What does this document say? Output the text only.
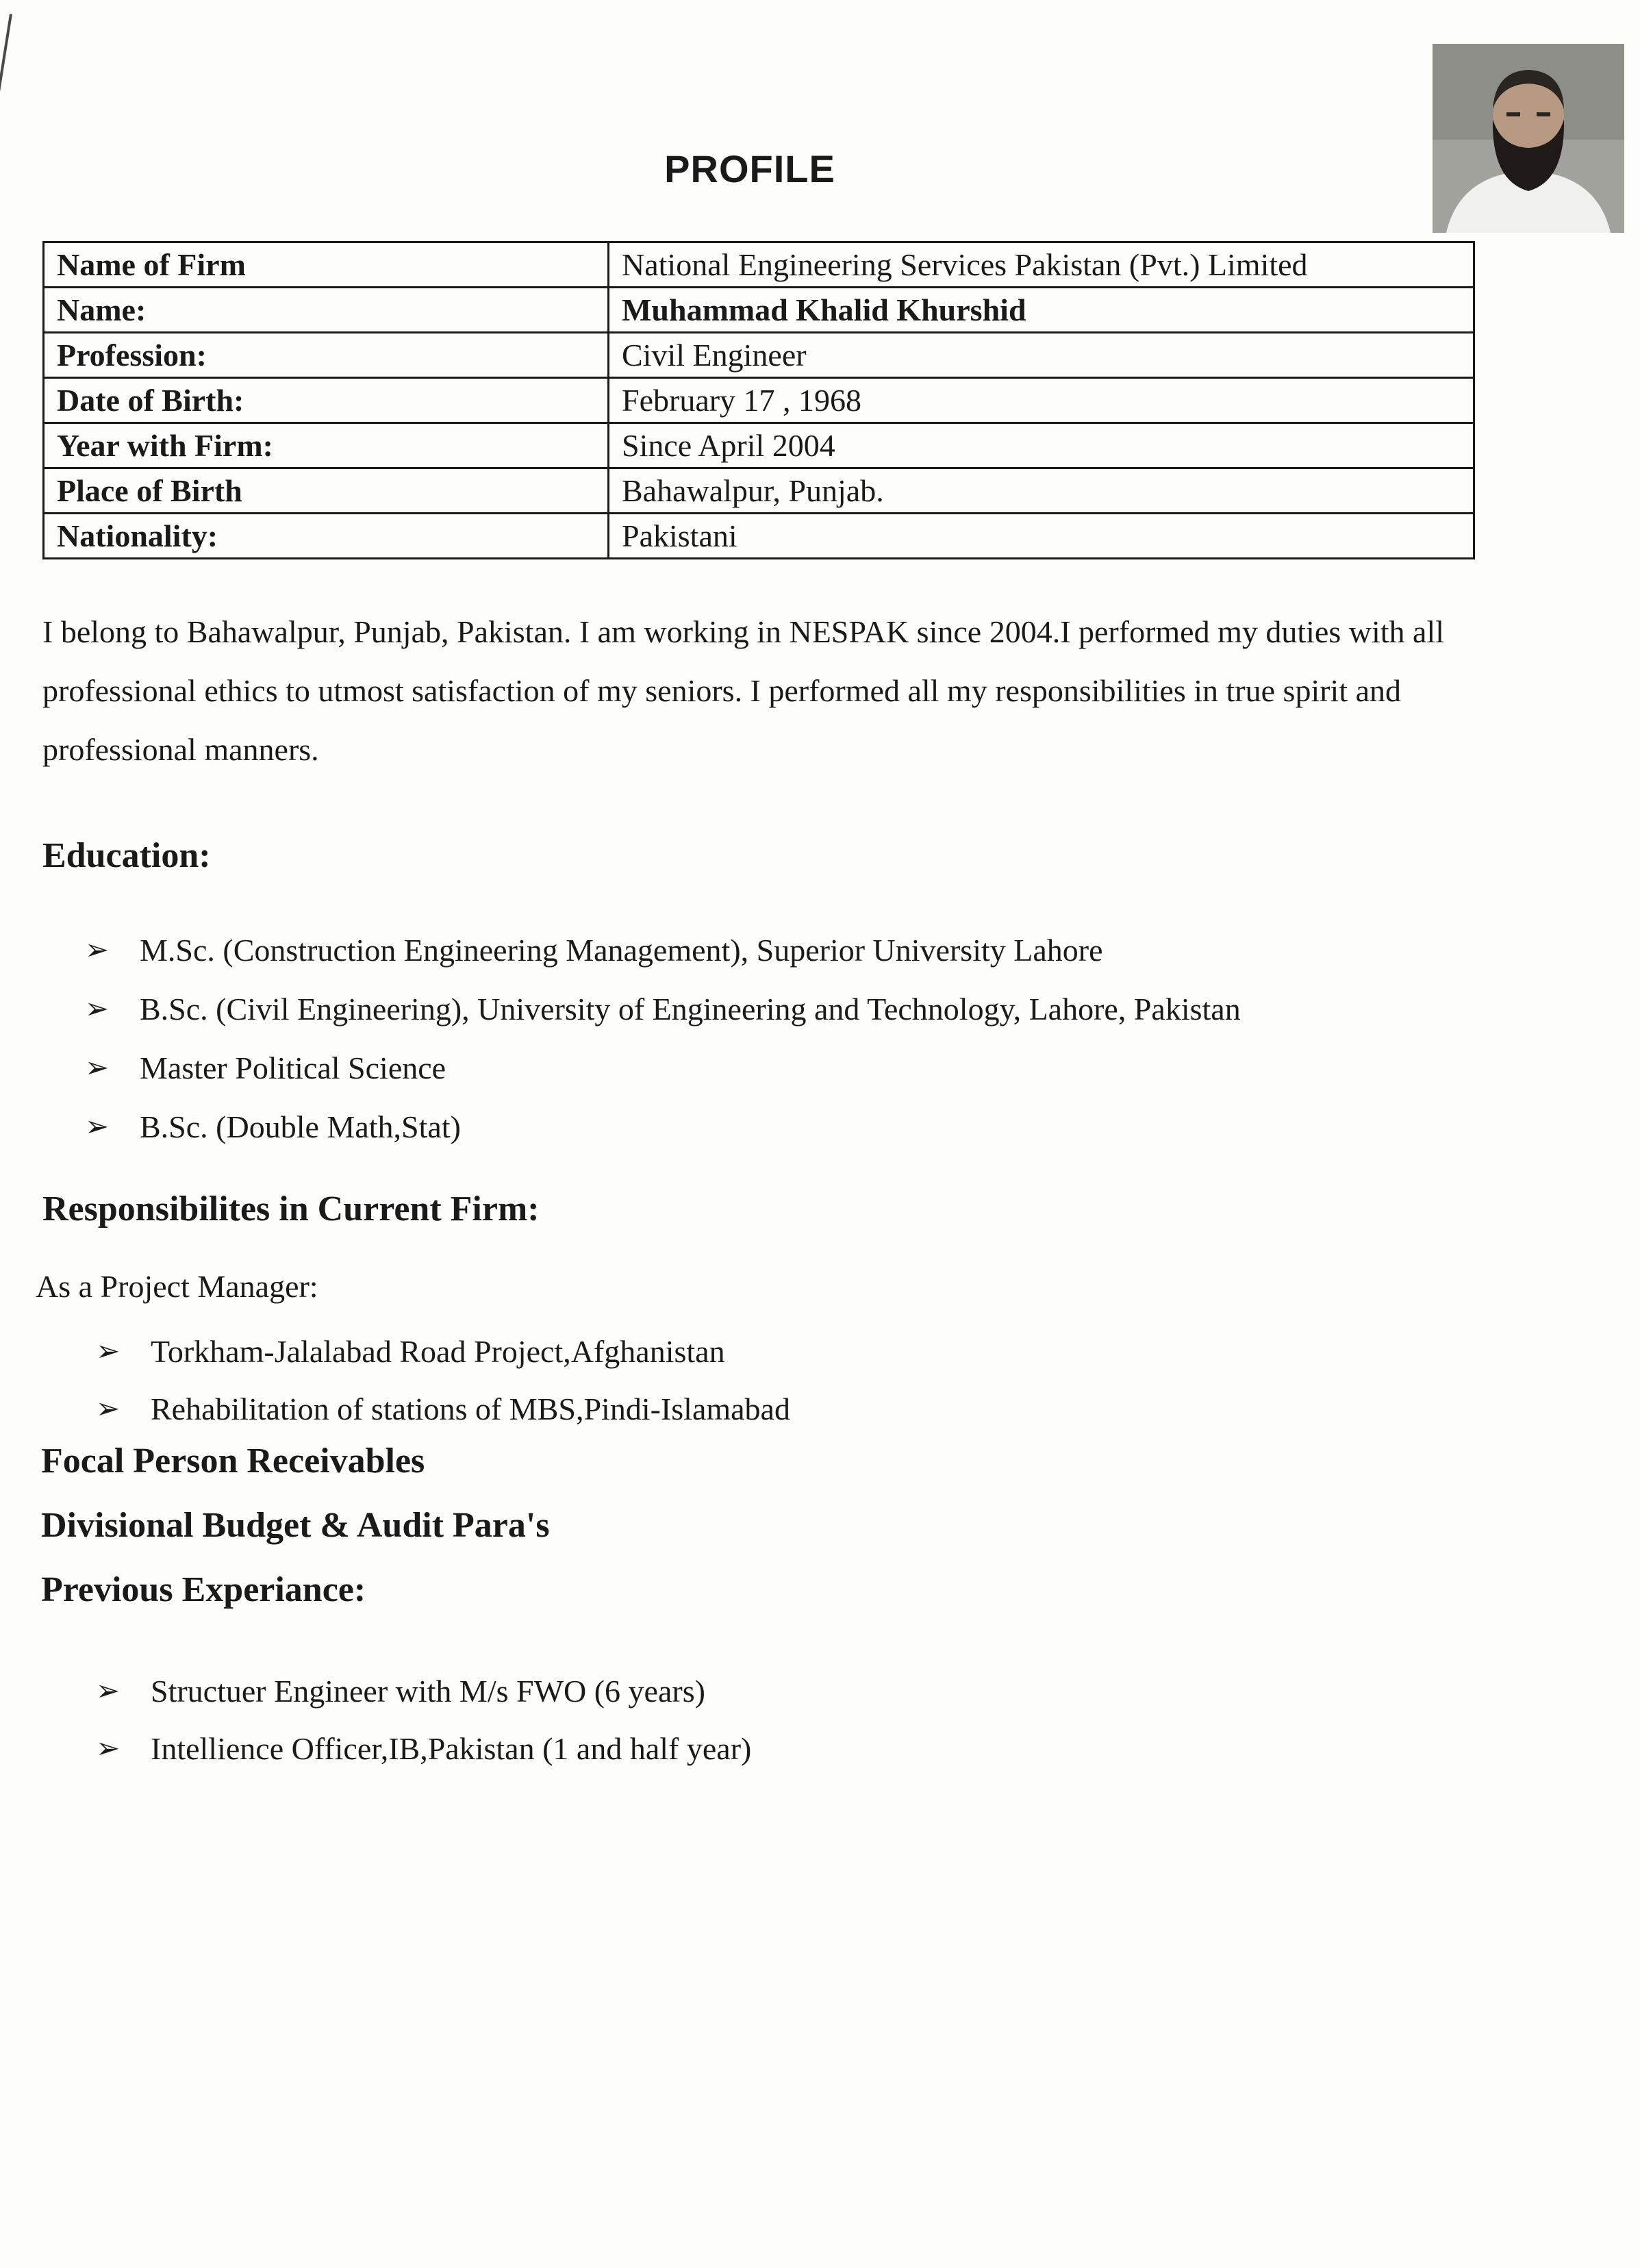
PROFILE
Name of Firm	National Engineering Services Pakistan (Pvt.) Limited
Name:	Muhammad Khalid Khurshid
Profession:	Civil Engineer
Date of Birth:	February 17 , 1968
Year with Firm:	Since April 2004
Place of Birth	Bahawalpur, Punjab.
Nationality:	Pakistani
I belong to Bahawalpur, Punjab, Pakistan. I am working in NESPAK since 2004.I performed my duties with all professional ethics to utmost satisfaction of my seniors. I performed all my responsibilities in true spirit and professional manners.
Education:
➢ M.Sc. (Construction Engineering Management), Superior University Lahore
➢ B.Sc. (Civil Engineering), University of Engineering and Technology, Lahore, Pakistan
➢ Master Political Science
➢ B.Sc. (Double Math,Stat)
Responsibilites in Current Firm:
As a Project Manager:
➢ Torkham-Jalalabad Road Project,Afghanistan
➢ Rehabilitation of stations of MBS,Pindi-Islamabad
Focal Person Receivables
Divisional Budget & Audit Para's
Previous Experiance:
➢ Structuer Engineer with M/s FWO (6 years)
➢ Intellience Officer,IB,Pakistan (1 and half year)
